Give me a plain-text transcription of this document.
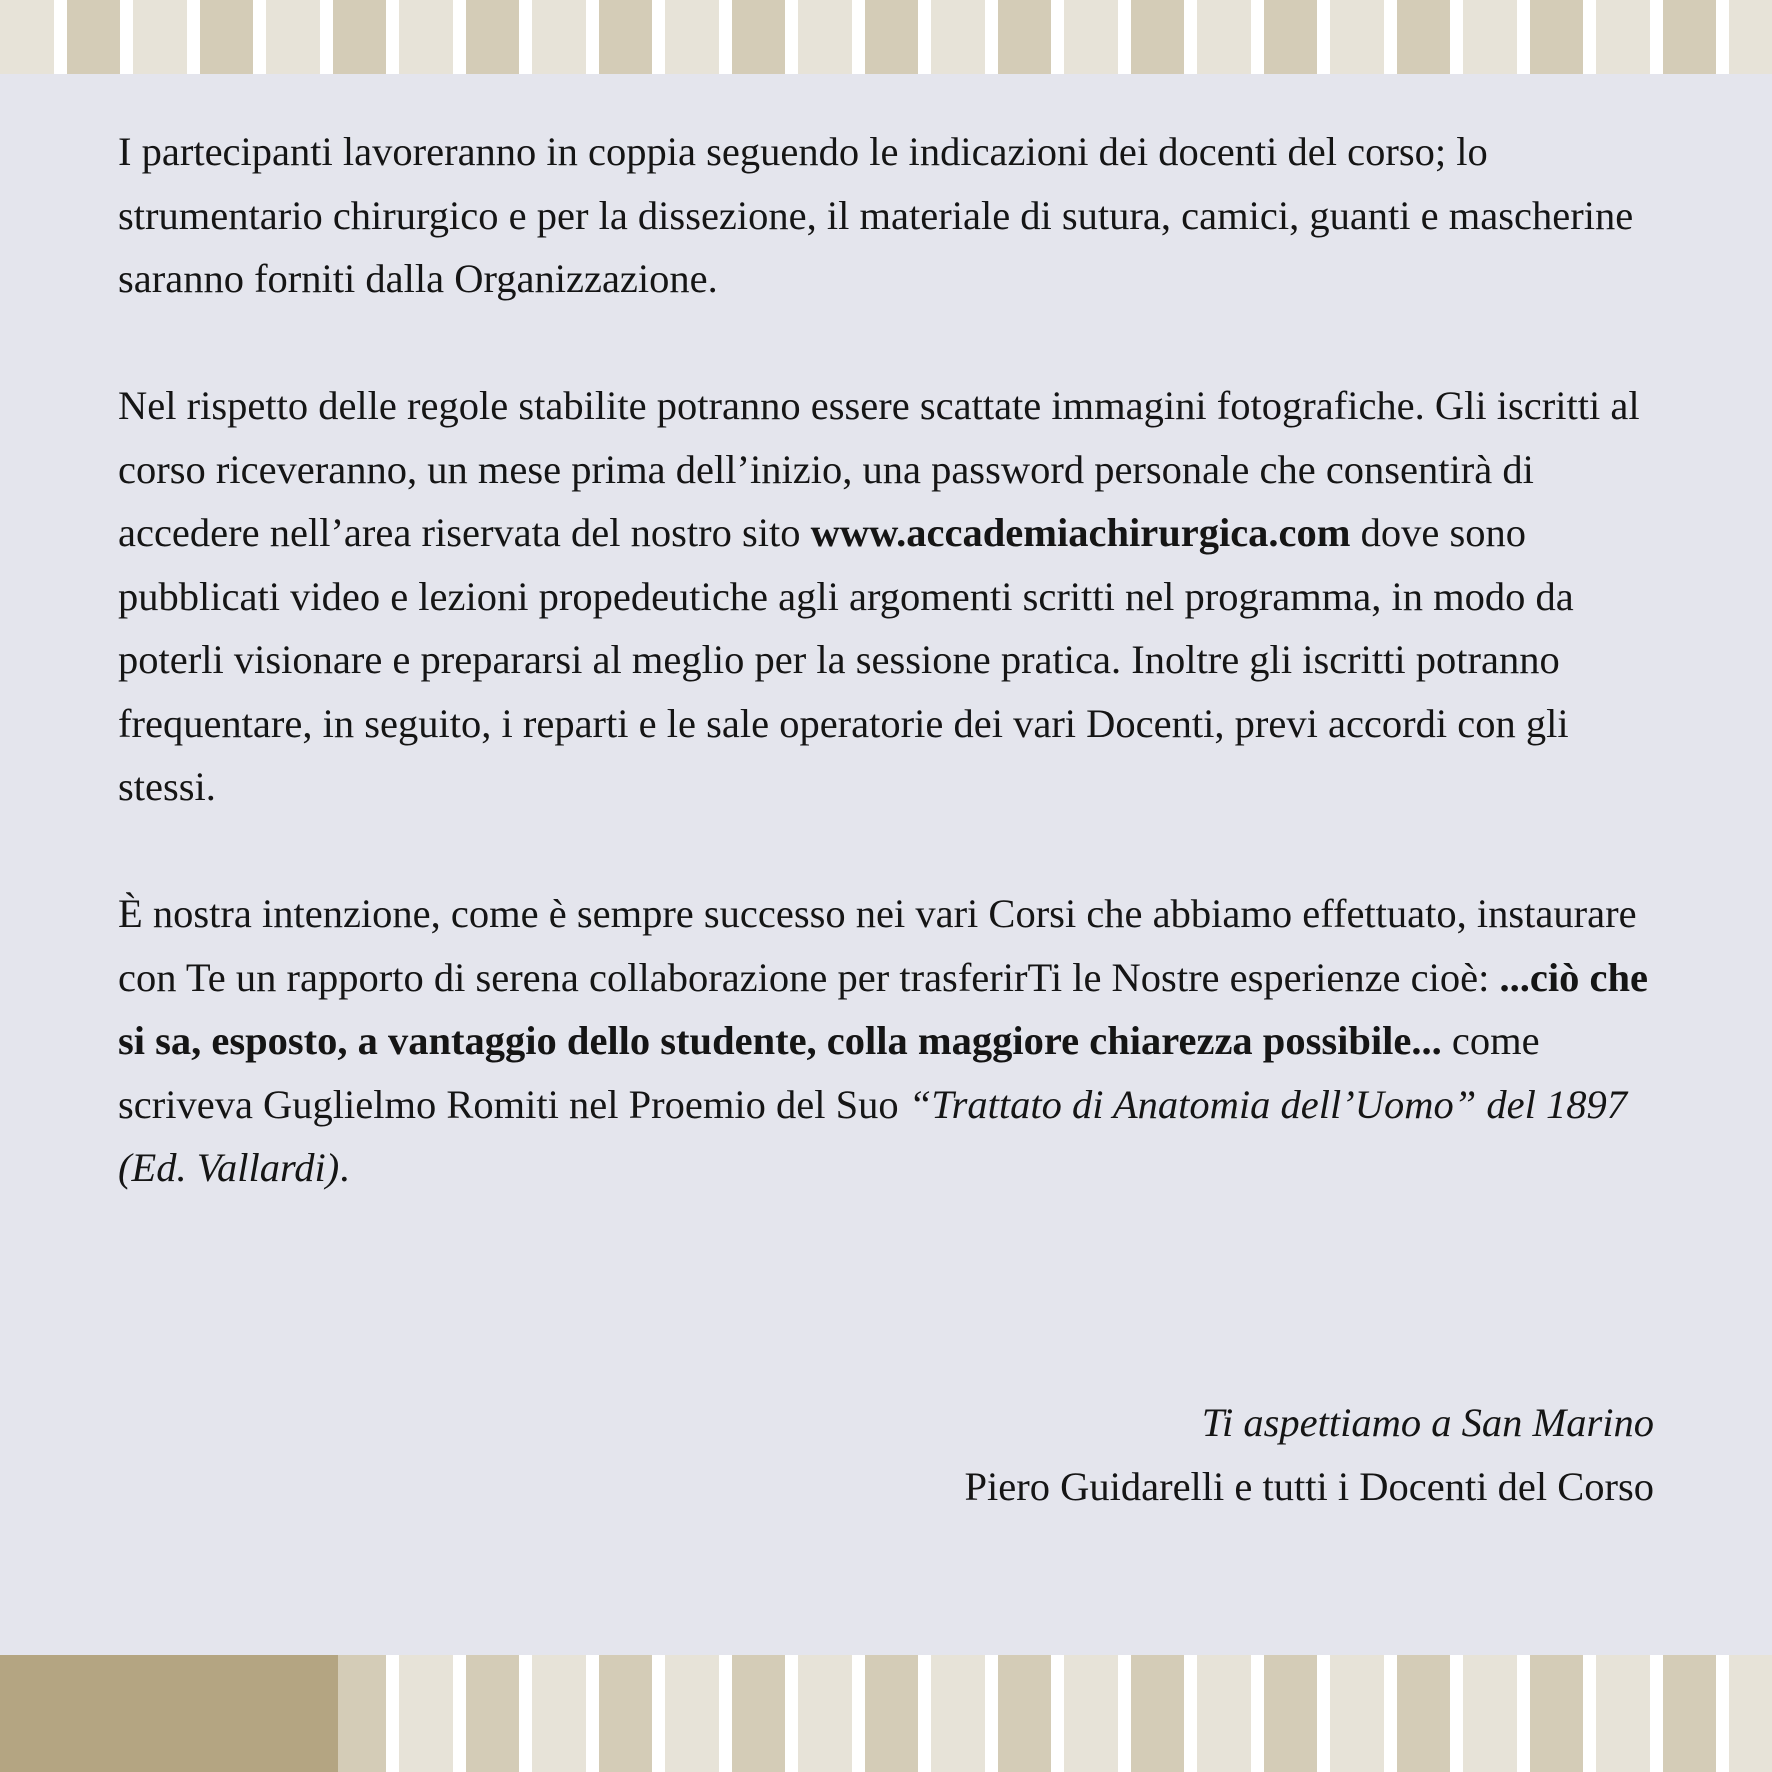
I partecipanti lavoreranno in coppia seguendo le indicazioni dei docenti del corso; lo strumentario chirurgico e per la dissezione, il materiale di sutura, camici, guanti e mascherine saranno forniti dalla Organizzazione.

Nel rispetto delle regole stabilite potranno essere scattate immagini fotografiche. Gli iscritti al corso riceveranno, un mese prima dell’inizio, una password personale che consentirà di accedere nell’area riservata del nostro sito www.accademiachirurgica.com dove sono pubblicati video e lezioni propedeutiche agli argomenti scritti nel programma, in modo da poterli visionare e prepararsi al meglio per la sessione pratica. Inoltre gli iscritti potranno frequentare, in seguito, i reparti e le sale operatorie dei vari Docenti, previ accordi con gli stessi.

È nostra intenzione, come è sempre successo nei vari Corsi che abbiamo effettuato, instaurare con Te un rapporto di serena collaborazione per trasferirTi le Nostre esperienze cioè: ...ciò che si sa, esposto, a vantaggio dello studente, colla maggiore chiarezza possibile... come scriveva Guglielmo Romiti nel Proemio del Suo “Trattato di Anatomia dell’Uomo” del 1897 (Ed. Vallardi).

Ti aspettiamo a San Marino
Piero Guidarelli e tutti i Docenti del Corso
